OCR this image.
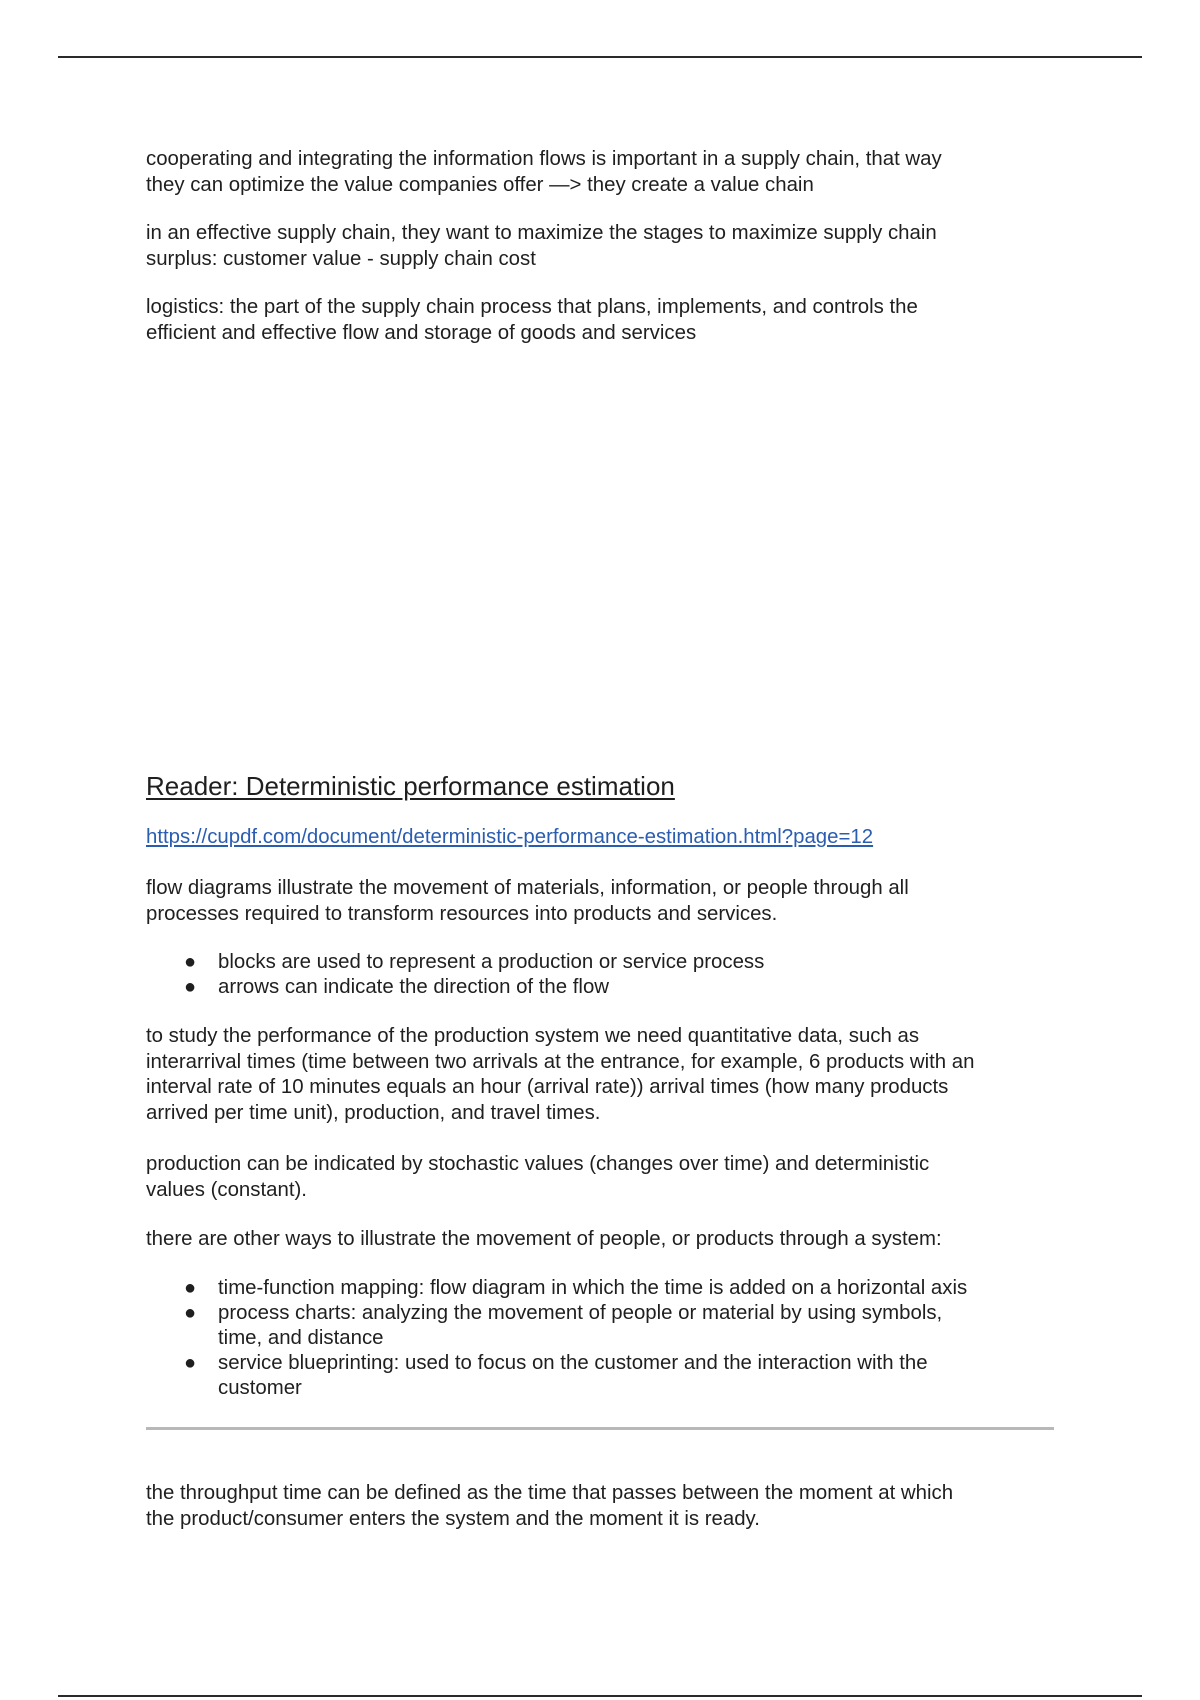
cooperating and integrating the information flows is important in a supply chain, that way
they can optimize the value companies offer —> they create a value chain

in an effective supply chain, they want to maximize the stages to maximize supply chain
surplus: customer value - supply chain cost

logistics: the part of the supply chain process that plans, implements, and controls the
efficient and effective flow and storage of goods and services

Reader: Deterministic performance estimation
https://cupdf.com/document/deterministic-performance-estimation.html?page=12

flow diagrams illustrate the movement of materials, information, or people through all
processes required to transform resources into products and services.

● blocks are used to represent a production or service process
● arrows can indicate the direction of the flow

to study the performance of the production system we need quantitative data, such as
interarrival times (time between two arrivals at the entrance, for example, 6 products with an
interval rate of 10 minutes equals an hour (arrival rate)) arrival times (how many products
arrived per time unit), production, and travel times.

production can be indicated by stochastic values (changes over time) and deterministic
values (constant).

there are other ways to illustrate the movement of people, or products through a system:

● time-function mapping: flow diagram in which the time is added on a horizontal axis
● process charts: analyzing the movement of people or material by using symbols,
time, and distance
● service blueprinting: used to focus on the customer and the interaction with the
customer

the throughput time can be defined as the time that passes between the moment at which
the product/consumer enters the system and the moment it is ready.
